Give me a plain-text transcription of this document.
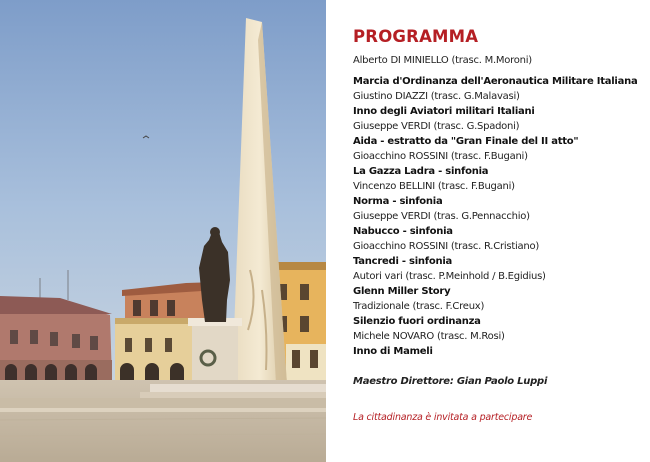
PROGRAMMA
Alberto DI MINIELLO (trasc. M.Moroni)
Marcia d'Ordinanza dell'Aeronautica Militare Italiana
Giustino DIAZZI (trasc. G.Malavasi)
Inno degli Aviatori militari Italiani
Giuseppe VERDI (trasc. G.Spadoni)
Aida - estratto da "Gran Finale del II atto"
Gioacchino ROSSINI (trasc. F.Bugani)
La Gazza Ladra - sinfonia
Vincenzo BELLINI (trasc. F.Bugani)
Norma - sinfonia
Giuseppe VERDI (tras. G.Pennacchio)
Nabucco - sinfonia
Gioacchino ROSSINI (trasc. R.Cristiano)
Tancredi - sinfonia
Autori vari (trasc. P.Meinhold / B.Egidius)
Glenn Miller Story
Tradizionale (trasc. F.Creux)
Silenzio fuori ordinanza
Michele NOVARO (trasc. M.Rosi)
Inno di Mameli
Maestro Direttore: Gian Paolo Luppi
La cittadinanza è invitata a partecipare
